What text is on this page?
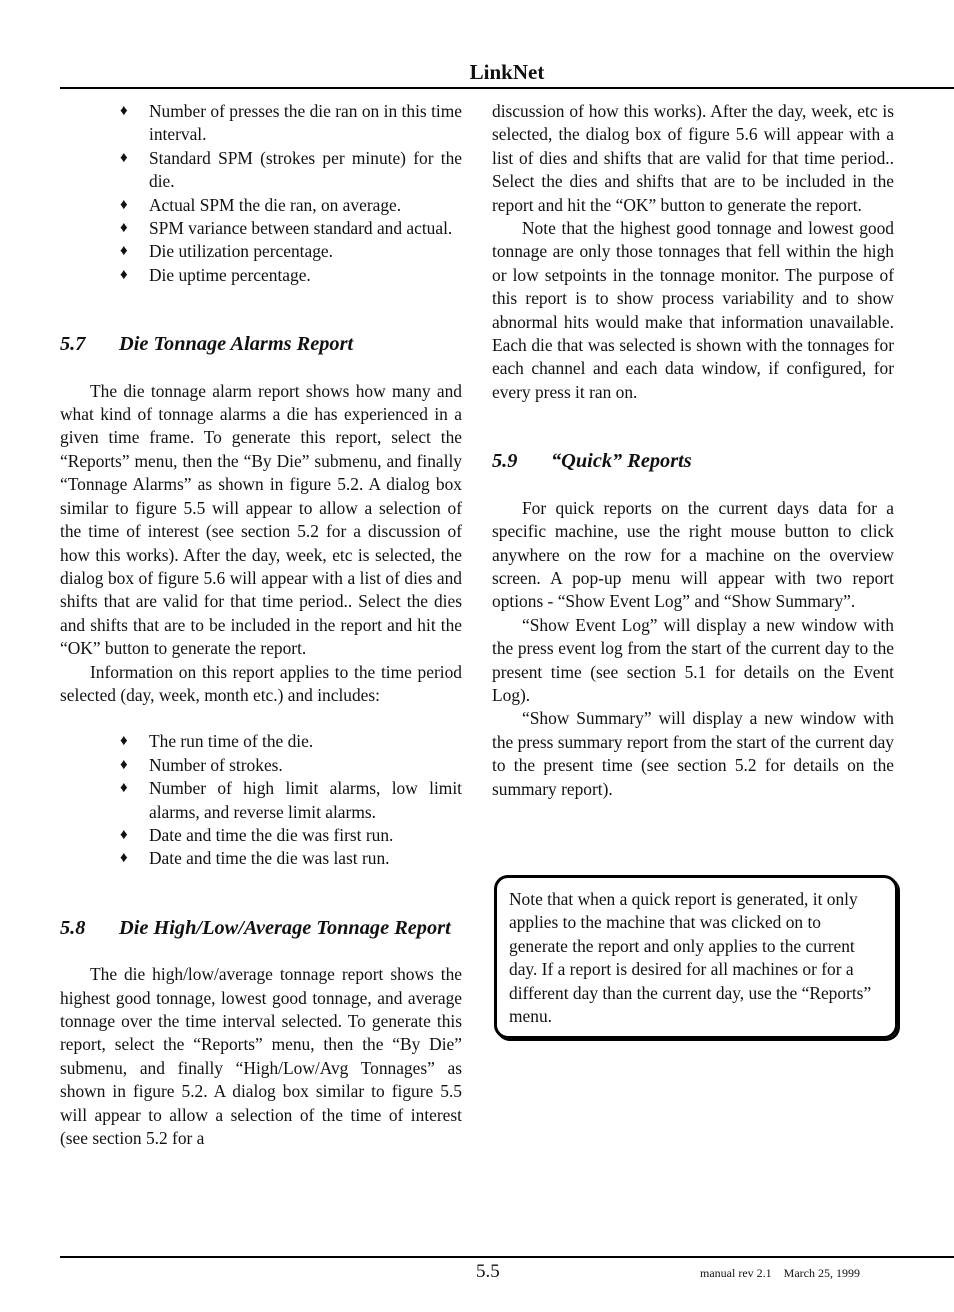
LinkNet
♦ Number of presses the die ran on in this time interval.
♦ Standard SPM (strokes per minute) for the die.
♦ Actual SPM the die ran, on average.
♦ SPM variance between standard and actual.
♦ Die utilization percentage.
♦ Die uptime percentage.
5.7 Die Tonnage Alarms Report

The die tonnage alarm report shows how many and what kind of tonnage alarms a die has experienced in a given time frame. To generate this report, select the “Reports” menu, then the “By Die” submenu, and finally “Tonnage Alarms” as shown in figure 5.2. A dialog box similar to figure 5.5 will appear to allow a selection of the time of interest (see section 5.2 for a discussion of how this works). After the day, week, etc is selected, the dialog box of figure 5.6 will appear with a list of dies and shifts that are valid for that time period.. Select the dies and shifts that are to be included in the report and hit the “OK” button to generate the report.

Information on this report applies to the time period selected (day, week, month etc.) and includes:

♦ The run time of the die.
♦ Number of strokes.
♦ Number of high limit alarms, low limit alarms, and reverse limit alarms.
♦ Date and time the die was first run.
♦ Date and time the die was last run.
5.8 Die High/Low/Average Tonnage Report

The die high/low/average tonnage report shows the highest good tonnage, lowest good tonnage, and average tonnage over the time interval selected. To generate this report, select the “Reports” menu, then the “By Die” submenu, and finally “High/Low/Avg Tonnages” as shown in figure 5.2. A dialog box similar to figure 5.5 will appear to allow a selection of the time of interest (see section 5.2 for a

discussion of how this works). After the day, week, etc is selected, the dialog box of figure 5.6 will appear with a list of dies and shifts that are valid for that time period.. Select the dies and shifts that are to be included in the report and hit the “OK” button to generate the report.

Note that the highest good tonnage and lowest good tonnage are only those tonnages that fell within the high or low setpoints in the tonnage monitor. The purpose of this report is to show process variability and to show abnormal hits would make that information unavailable. Each die that was selected is shown with the tonnages for each channel and each data window, if configured, for every press it ran on.

5.9 “Quick” Reports

For quick reports on the current days data for a specific machine, use the right mouse button to click anywhere on the row for a machine on the overview screen. A pop-up menu will appear with two report options - “Show Event Log” and “Show Summary”.

“Show Event Log” will display a new window with the press event log from the start of the current day to the present time (see section 5.1 for details on the Event Log).

“Show Summary” will display a new window with the press summary report from the start of the current day to the present time (see section 5.2 for details on the summary report).

Note that when a quick report is generated, it only applies to the machine that was clicked on to generate the report and only applies to the current day. If a report is desired for all machines or for a different day than the current day, use the “Reports” menu.
5.5	manual rev 2.1 March 25, 1999
